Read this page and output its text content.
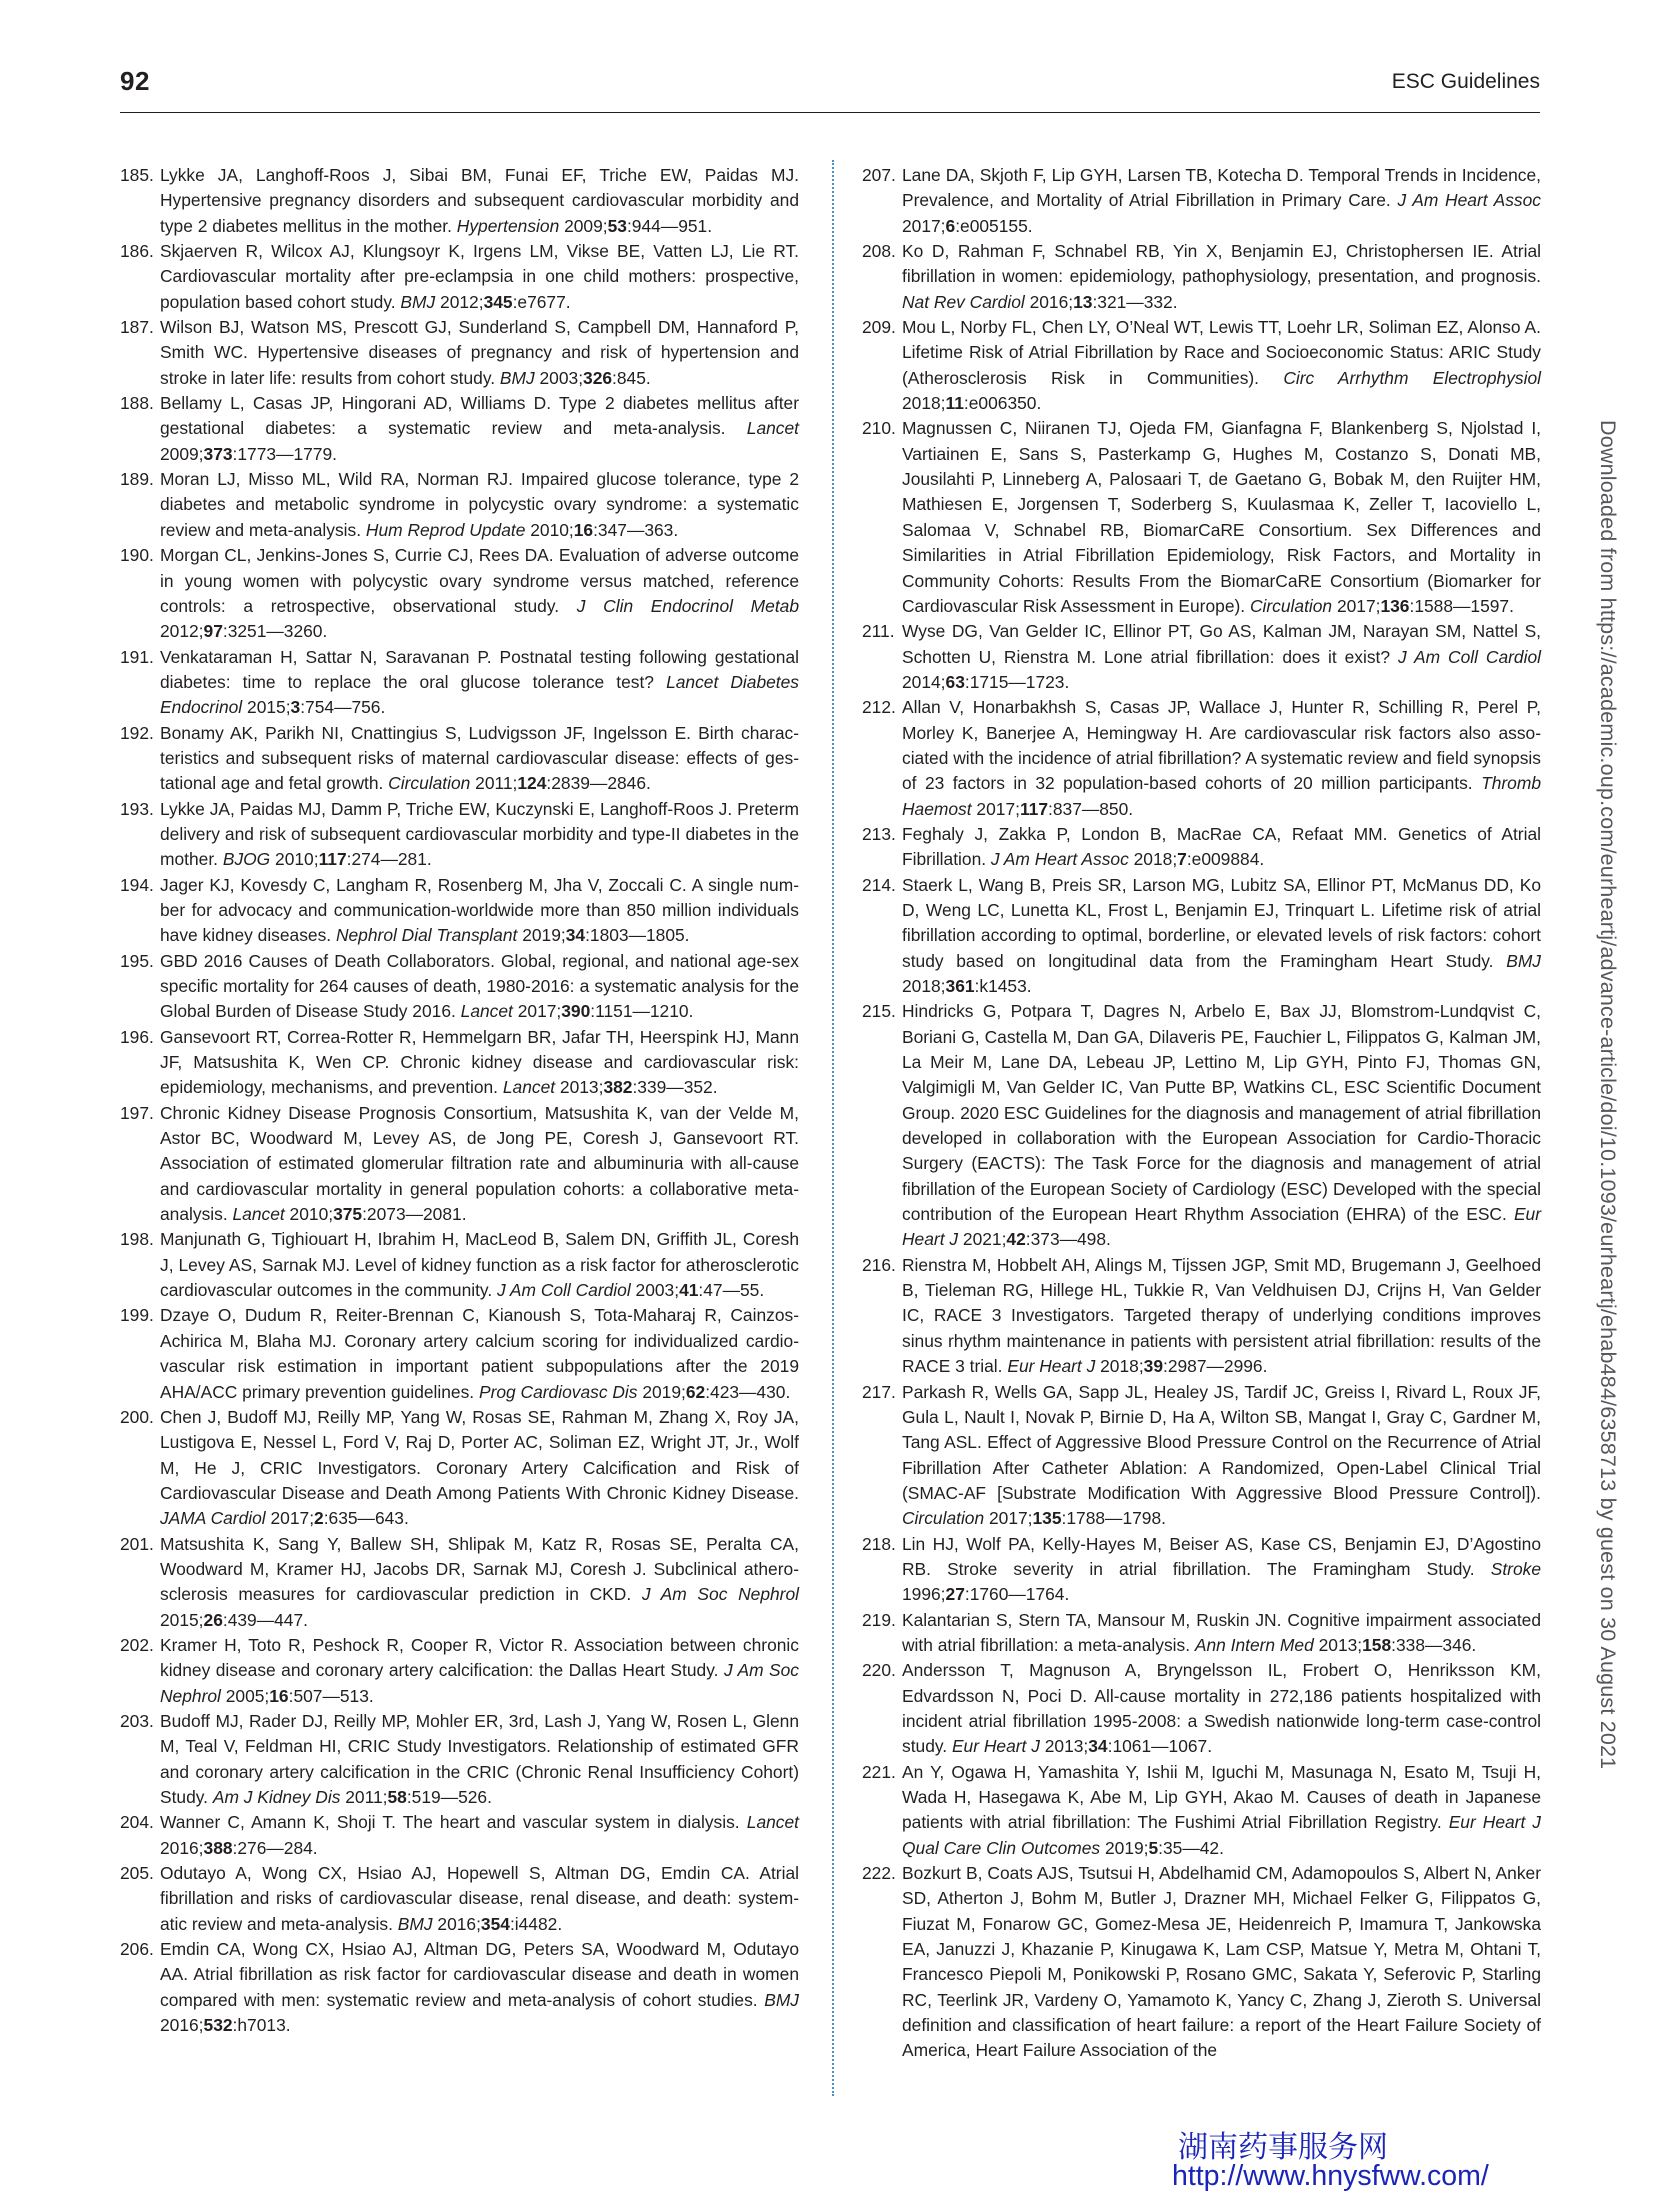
92	ESC Guidelines
185. Lykke JA, Langhoff-Roos J, Sibai BM, Funai EF, Triche EW, Paidas MJ. Hypertensive pregnancy disorders and subsequent cardiovascular morbidity and type 2 diabetes mellitus in the mother. Hypertension 2009;53:944—951.
186. Skjaerven R, Wilcox AJ, Klungsoyr K, Irgens LM, Vikse BE, Vatten LJ, Lie RT. Cardiovascular mortality after pre-eclampsia in one child mothers: prospective, population based cohort study. BMJ 2012;345:e7677.
187. Wilson BJ, Watson MS, Prescott GJ, Sunderland S, Campbell DM, Hannaford P, Smith WC. Hypertensive diseases of pregnancy and risk of hypertension and stroke in later life: results from cohort study. BMJ 2003;326:845.
188. Bellamy L, Casas JP, Hingorani AD, Williams D. Type 2 diabetes mellitus after gestational diabetes: a systematic review and meta-analysis. Lancet 2009;373:1773—1779.
189. Moran LJ, Misso ML, Wild RA, Norman RJ. Impaired glucose tolerance, type 2 diabetes and metabolic syndrome in polycystic ovary syndrome: a systematic review and meta-analysis. Hum Reprod Update 2010;16:347—363.
190. Morgan CL, Jenkins-Jones S, Currie CJ, Rees DA. Evaluation of adverse outcome in young women with polycystic ovary syndrome versus matched, reference controls: a retrospective, observational study. J Clin Endocrinol Metab 2012;97:3251—3260.
191. Venkataraman H, Sattar N, Saravanan P. Postnatal testing following gestational diabetes: time to replace the oral glucose tolerance test? Lancet Diabetes Endocrinol 2015;3:754—756.
192. Bonamy AK, Parikh NI, Cnattingius S, Ludvigsson JF, Ingelsson E. Birth characteristics and subsequent risks of maternal cardiovascular disease: effects of gestational age and fetal growth. Circulation 2011;124:2839—2846.
193. Lykke JA, Paidas MJ, Damm P, Triche EW, Kuczynski E, Langhoff-Roos J. Preterm delivery and risk of subsequent cardiovascular morbidity and type-II diabetes in the mother. BJOG 2010;117:274—281.
194. Jager KJ, Kovesdy C, Langham R, Rosenberg M, Jha V, Zoccali C. A single number for advocacy and communication-worldwide more than 850 million individuals have kidney diseases. Nephrol Dial Transplant 2019;34:1803—1805.
195. GBD 2016 Causes of Death Collaborators. Global, regional, and national age-sex specific mortality for 264 causes of death, 1980-2016: a systematic analysis for the Global Burden of Disease Study 2016. Lancet 2017;390:1151—1210.
196. Gansevoort RT, Correa-Rotter R, Hemmelgarn BR, Jafar TH, Heerspink HJ, Mann JF, Matsushita K, Wen CP. Chronic kidney disease and cardiovascular risk: epidemiology, mechanisms, and prevention. Lancet 2013;382:339—352.
197. Chronic Kidney Disease Prognosis Consortium, Matsushita K, van der Velde M, Astor BC, Woodward M, Levey AS, de Jong PE, Coresh J, Gansevoort RT. Association of estimated glomerular filtration rate and albuminuria with all-cause and cardiovascular mortality in general population cohorts: a collaborative meta-analysis. Lancet 2010;375:2073—2081.
198. Manjunath G, Tighiouart H, Ibrahim H, MacLeod B, Salem DN, Griffith JL, Coresh J, Levey AS, Sarnak MJ. Level of kidney function as a risk factor for atherosclerotic cardiovascular outcomes in the community. J Am Coll Cardiol 2003;41:47—55.
199. Dzaye O, Dudum R, Reiter-Brennan C, Kianoush S, Tota-Maharaj R, Cainzos-Achirica M, Blaha MJ. Coronary artery calcium scoring for individualized cardiovascular risk estimation in important patient subpopulations after the 2019 AHA/ACC primary prevention guidelines. Prog Cardiovasc Dis 2019;62:423—430.
200. Chen J, Budoff MJ, Reilly MP, Yang W, Rosas SE, Rahman M, Zhang X, Roy JA, Lustigova E, Nessel L, Ford V, Raj D, Porter AC, Soliman EZ, Wright JT, Jr., Wolf M, He J, CRIC Investigators. Coronary Artery Calcification and Risk of Cardiovascular Disease and Death Among Patients With Chronic Kidney Disease. JAMA Cardiol 2017;2:635—643.
201. Matsushita K, Sang Y, Ballew SH, Shlipak M, Katz R, Rosas SE, Peralta CA, Woodward M, Kramer HJ, Jacobs DR, Sarnak MJ, Coresh J. Subclinical atherosclerosis measures for cardiovascular prediction in CKD. J Am Soc Nephrol 2015;26:439—447.
202. Kramer H, Toto R, Peshock R, Cooper R, Victor R. Association between chronic kidney disease and coronary artery calcification: the Dallas Heart Study. J Am Soc Nephrol 2005;16:507—513.
203. Budoff MJ, Rader DJ, Reilly MP, Mohler ER, 3rd, Lash J, Yang W, Rosen L, Glenn M, Teal V, Feldman HI, CRIC Study Investigators. Relationship of estimated GFR and coronary artery calcification in the CRIC (Chronic Renal Insufficiency Cohort) Study. Am J Kidney Dis 2011;58:519—526.
204. Wanner C, Amann K, Shoji T. The heart and vascular system in dialysis. Lancet 2016;388:276—284.
205. Odutayo A, Wong CX, Hsiao AJ, Hopewell S, Altman DG, Emdin CA. Atrial fibrillation and risks of cardiovascular disease, renal disease, and death: systematic review and meta-analysis. BMJ 2016;354:i4482.
206. Emdin CA, Wong CX, Hsiao AJ, Altman DG, Peters SA, Woodward M, Odutayo AA. Atrial fibrillation as risk factor for cardiovascular disease and death in women compared with men: systematic review and meta-analysis of cohort studies. BMJ 2016;532:h7013.
207. Lane DA, Skjoth F, Lip GYH, Larsen TB, Kotecha D. Temporal Trends in Incidence, Prevalence, and Mortality of Atrial Fibrillation in Primary Care. J Am Heart Assoc 2017;6:e005155.
208. Ko D, Rahman F, Schnabel RB, Yin X, Benjamin EJ, Christophersen IE. Atrial fibrillation in women: epidemiology, pathophysiology, presentation, and prognosis. Nat Rev Cardiol 2016;13:321—332.
209. Mou L, Norby FL, Chen LY, O’Neal WT, Lewis TT, Loehr LR, Soliman EZ, Alonso A. Lifetime Risk of Atrial Fibrillation by Race and Socioeconomic Status: ARIC Study (Atherosclerosis Risk in Communities). Circ Arrhythm Electrophysiol 2018;11:e006350.
210. Magnussen C, Niiranen TJ, Ojeda FM, Gianfagna F, Blankenberg S, Njolstad I, Vartiainen E, Sans S, Pasterkamp G, Hughes M, Costanzo S, Donati MB, Jousilahti P, Linneberg A, Palosaari T, de Gaetano G, Bobak M, den Ruijter HM, Mathiesen E, Jorgensen T, Soderberg S, Kuulasmaa K, Zeller T, Iacoviello L, Salomaa V, Schnabel RB, BiomarCaRE Consortium. Sex Differences and Similarities in Atrial Fibrillation Epidemiology, Risk Factors, and Mortality in Community Cohorts: Results From the BiomarCaRE Consortium (Biomarker for Cardiovascular Risk Assessment in Europe). Circulation 2017;136:1588—1597.
211. Wyse DG, Van Gelder IC, Ellinor PT, Go AS, Kalman JM, Narayan SM, Nattel S, Schotten U, Rienstra M. Lone atrial fibrillation: does it exist? J Am Coll Cardiol 2014;63:1715—1723.
212. Allan V, Honarbakhsh S, Casas JP, Wallace J, Hunter R, Schilling R, Perel P, Morley K, Banerjee A, Hemingway H. Are cardiovascular risk factors also associated with the incidence of atrial fibrillation? A systematic review and field synopsis of 23 factors in 32 population-based cohorts of 20 million participants. Thromb Haemost 2017;117:837—850.
213. Feghaly J, Zakka P, London B, MacRae CA, Refaat MM. Genetics of Atrial Fibrillation. J Am Heart Assoc 2018;7:e009884.
214. Staerk L, Wang B, Preis SR, Larson MG, Lubitz SA, Ellinor PT, McManus DD, Ko D, Weng LC, Lunetta KL, Frost L, Benjamin EJ, Trinquart L. Lifetime risk of atrial fibrillation according to optimal, borderline, or elevated levels of risk factors: cohort study based on longitudinal data from the Framingham Heart Study. BMJ 2018;361:k1453.
215. Hindricks G, Potpara T, Dagres N, Arbelo E, Bax JJ, Blomstrom-Lundqvist C, Boriani G, Castella M, Dan GA, Dilaveris PE, Fauchier L, Filippatos G, Kalman JM, La Meir M, Lane DA, Lebeau JP, Lettino M, Lip GYH, Pinto FJ, Thomas GN, Valgimigli M, Van Gelder IC, Van Putte BP, Watkins CL, ESC Scientific Document Group. 2020 ESC Guidelines for the diagnosis and management of atrial fibrillation developed in collaboration with the European Association for Cardio-Thoracic Surgery (EACTS): The Task Force for the diagnosis and management of atrial fibrillation of the European Society of Cardiology (ESC) Developed with the special contribution of the European Heart Rhythm Association (EHRA) of the ESC. Eur Heart J 2021;42:373—498.
216. Rienstra M, Hobbelt AH, Alings M, Tijssen JGP, Smit MD, Brugemann J, Geelhoed B, Tieleman RG, Hillege HL, Tukkie R, Van Veldhuisen DJ, Crijns H, Van Gelder IC, RACE 3 Investigators. Targeted therapy of underlying conditions improves sinus rhythm maintenance in patients with persistent atrial fibrillation: results of the RACE 3 trial. Eur Heart J 2018;39:2987—2996.
217. Parkash R, Wells GA, Sapp JL, Healey JS, Tardif JC, Greiss I, Rivard L, Roux JF, Gula L, Nault I, Novak P, Birnie D, Ha A, Wilton SB, Mangat I, Gray C, Gardner M, Tang ASL. Effect of Aggressive Blood Pressure Control on the Recurrence of Atrial Fibrillation After Catheter Ablation: A Randomized, Open-Label Clinical Trial (SMAC-AF [Substrate Modification With Aggressive Blood Pressure Control]). Circulation 2017;135:1788—1798.
218. Lin HJ, Wolf PA, Kelly-Hayes M, Beiser AS, Kase CS, Benjamin EJ, D’Agostino RB. Stroke severity in atrial fibrillation. The Framingham Study. Stroke 1996;27:1760—1764.
219. Kalantarian S, Stern TA, Mansour M, Ruskin JN. Cognitive impairment associated with atrial fibrillation: a meta-analysis. Ann Intern Med 2013;158:338—346.
220. Andersson T, Magnuson A, Bryngelsson IL, Frobert O, Henriksson KM, Edvardsson N, Poci D. All-cause mortality in 272,186 patients hospitalized with incident atrial fibrillation 1995-2008: a Swedish nationwide long-term case-control study. Eur Heart J 2013;34:1061—1067.
221. An Y, Ogawa H, Yamashita Y, Ishii M, Iguchi M, Masunaga N, Esato M, Tsuji H, Wada H, Hasegawa K, Abe M, Lip GYH, Akao M. Causes of death in Japanese patients with atrial fibrillation: The Fushimi Atrial Fibrillation Registry. Eur Heart J Qual Care Clin Outcomes 2019;5:35—42.
222. Bozkurt B, Coats AJS, Tsutsui H, Abdelhamid CM, Adamopoulos S, Albert N, Anker SD, Atherton J, Bohm M, Butler J, Drazner MH, Michael Felker G, Filippatos G, Fiuzat M, Fonarow GC, Gomez-Mesa JE, Heidenreich P, Imamura T, Jankowska EA, Januzzi J, Khazanie P, Kinugawa K, Lam CSP, Matsue Y, Metra M, Ohtani T, Francesco Piepoli M, Ponikowski P, Rosano GMC, Sakata Y, Seferovic P, Starling RC, Teerlink JR, Vardeny O, Yamamoto K, Yancy C, Zhang J, Zieroth S. Universal definition and classification of heart failure: a report of the Heart Failure Society of America, Heart Failure Association of the
Downloaded from https://academic.oup.com/eurheartj/advance-article/doi/10.1093/eurheartj/ehab484/6358713 by guest on 30 August 2021
湖南药事服务网
http://www.hnysfww.com/
